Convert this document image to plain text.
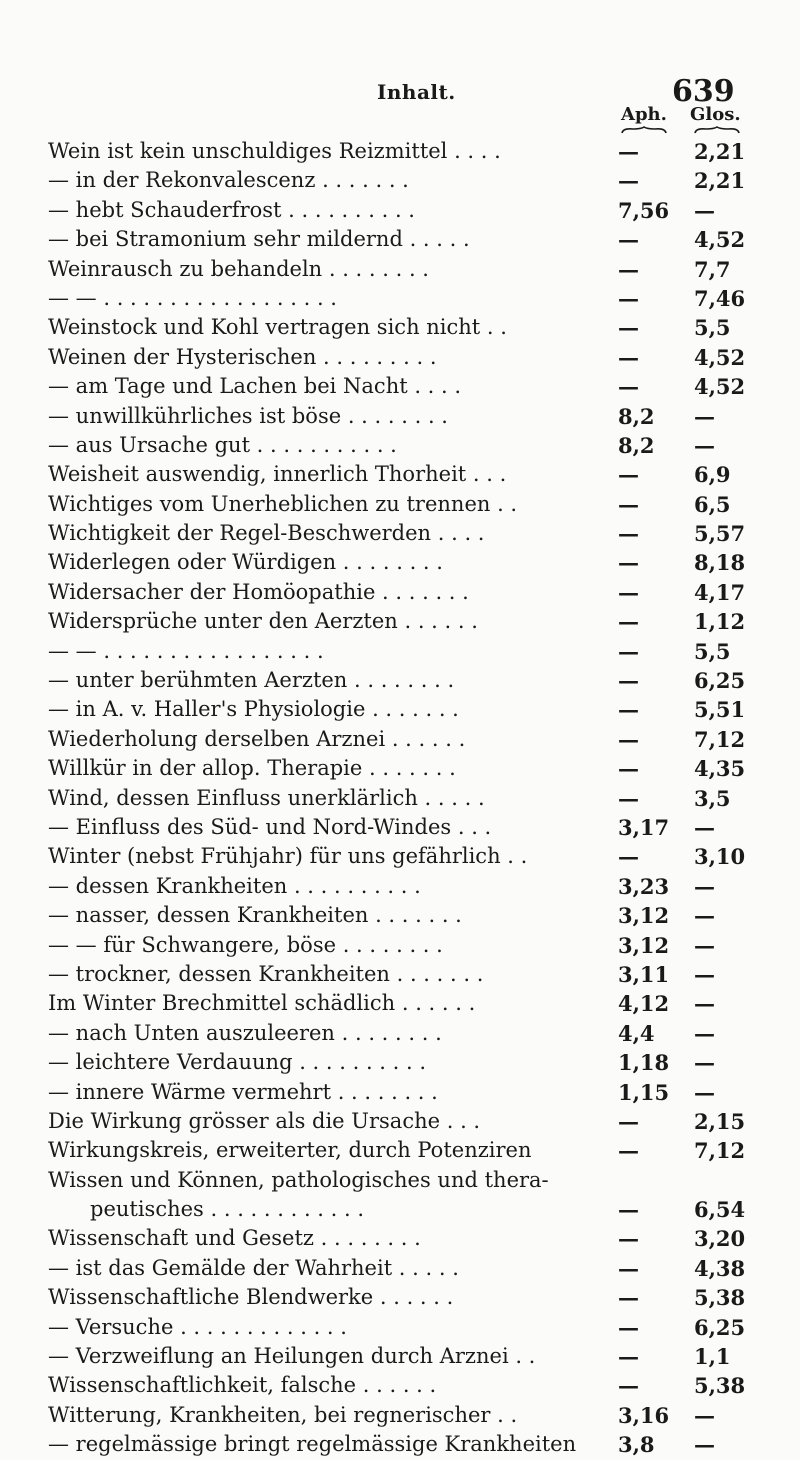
Inhalt.	639
Aph. Glos.
Wein ist kein unschuldiges Reizmittel . . . .	—	2,21
— in der Rekonvalescenz . . . . . . .	—	2,21
— hebt Schauderfrost . . . . . . . . . .	7,56 —
— bei Stramonium sehr mildernd . . . . .	—	4,52
Weinrausch zu behandeln . . . . . . . .	—	7,7
— — . . . . . . . . . . . . . . . . . .	—	7,46
Weinstock und Kohl vertragen sich nicht . .	—	5,5
Weinen der Hysterischen . . . . . . . . .	—	4,52
— am Tage und Lachen bei Nacht . . . .	—	4,52
— unwillkührliches ist böse . . . . . . . .	8,2	—
— aus Ursache gut . . . . . . . . . . .	8,2	—
Weisheit auswendig, innerlich Thorheit . . .	—	6,9
Wichtiges vom Unerheblichen zu trennen . .	—	6,5
Wichtigkeit der Regel-Beschwerden . . . .	—	5,57
Widerlegen oder Würdigen . . . . . . . .	—	8,18
Widersacher der Homöopathie . . . . . . .	—	4,17
Widersprüche unter den Aerzten . . . . . .	—	1,12
— — . . . . . . . . . . . . . . . . .	—	5,5
— unter berühmten Aerzten . . . . . . . .	—	6,25
— in A. v. Haller's Physiologie . . . . . . .	—	5,51
Wiederholung derselben Arznei . . . . . .	—	7,12
Willkür in der allop. Therapie . . . . . . .	—	4,35
Wind, dessen Einfluss unerklärlich . . . . .	—	3,5
— Einfluss des Süd- und Nord-Windes . . .	3,17 —
Winter (nebst Frühjahr) für uns gefährlich . .	—	3,10
— dessen Krankheiten . . . . . . . . . .	3,23 —
— nasser, dessen Krankheiten . . . . . . .	3,12 —
— — für Schwangere, böse . . . . . . . .	3,12 —
— trockner, dessen Krankheiten . . . . . . .	3,11 —
Im Winter Brechmittel schädlich . . . . . .	4,12 —
— nach Unten auszuleeren . . . . . . . .	4,4	—
— leichtere Verdauung . . . . . . . . . .	1,18 —
— innere Wärme vermehrt . . . . . . . .	1,15 —
Die Wirkung grösser als die Ursache . . .	—	2,15
Wirkungskreis, erweiterter, durch Potenziren	—	7,12
Wissen und Können, pathologisches und thera-
peutisches . . . . . . . . . . . .	—	6,54
Wissenschaft und Gesetz . . . . . . . .	—	3,20
— ist das Gemälde der Wahrheit . . . . .	—	4,38
Wissenschaftliche Blendwerke . . . . . .	—	5,38
— Versuche . . . . . . . . . . . . .	—	6,25
— Verzweiflung an Heilungen durch Arznei . .	—	1,1
Wissenschaftlichkeit, falsche . . . . . .	—	5,38
Witterung, Krankheiten, bei regnerischer . .	3,16 —
— regelmässige bringt regelmässige Krankheiten	3,8	—
